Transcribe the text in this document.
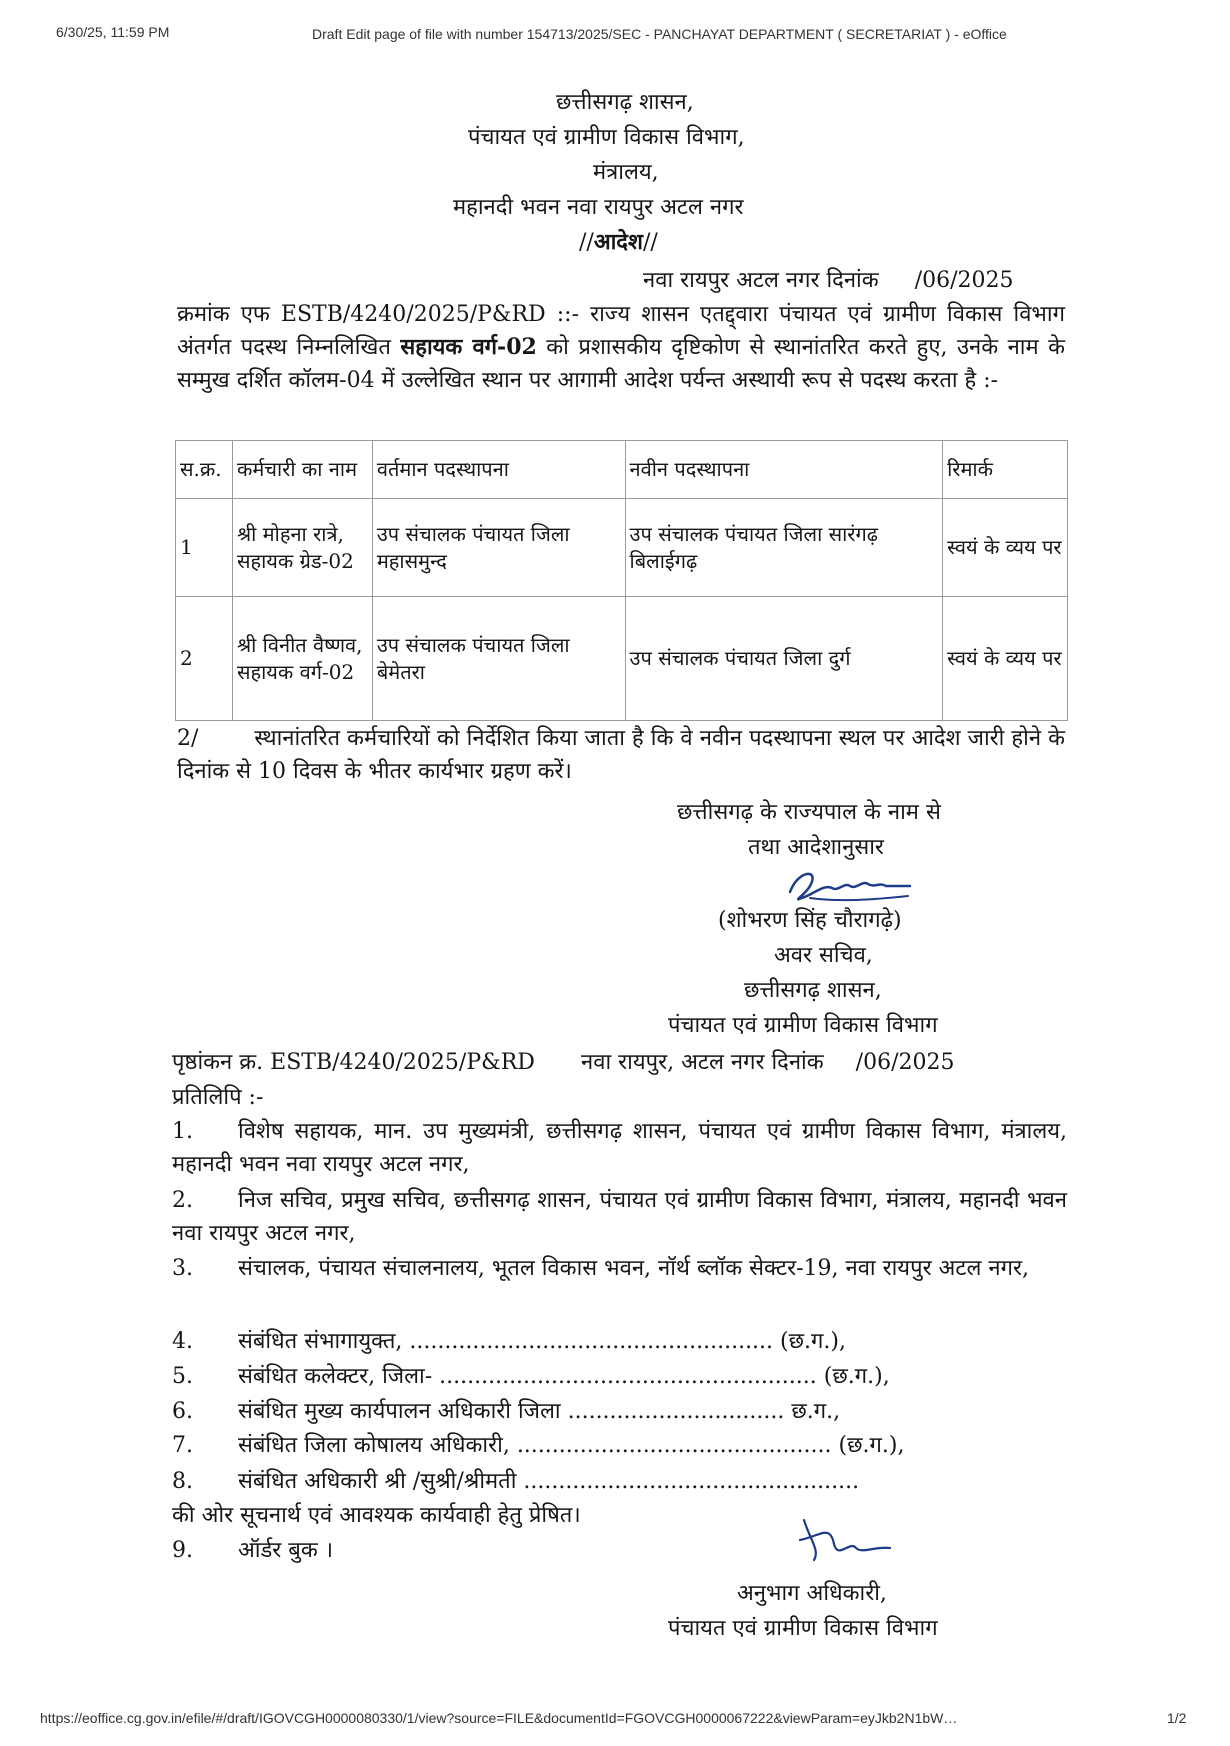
6/30/25, 11:59 PM	Draft Edit page of file with number 154713/2025/SEC - PANCHAYAT DEPARTMENT ( SECRETARIAT ) - eOffice
छत्तीसगढ़ शासन,
पंचायत एवं ग्रामीण विकास विभाग,
मंत्रालय,
महानदी भवन नवा रायपुर अटल नगर
//आदेश//
नवा रायपुर अटल नगर दिनांक /06/2025
क्रमांक एफ ESTB/4240/2025/P&RD ::- राज्य शासन एतद्द्वारा पंचायत एवं ग्रामीण विकास विभाग अंतर्गत पदस्थ निम्नलिखित सहायक वर्ग-02 को प्रशासकीय दृष्टिकोण से स्थानांतरित करते हुए, उनके नाम के सम्मुख दर्शित कॉलम-04 में उल्लेखित स्थान पर आगामी आदेश पर्यन्त अस्थायी रूप से पदस्थ करता है :-
स.क्र.	कर्मचारी का नाम	वर्तमान पदस्थापना	नवीन पदस्थापना	रिमार्क
1	श्री मोहना रात्रे, सहायक ग्रेड-02	उप संचालक पंचायत जिला महासमुन्द	उप संचालक पंचायत जिला सारंगढ़ बिलाईगढ़	स्वयं के व्यय पर
2	श्री विनीत वैष्णव, सहायक वर्ग-02	उप संचालक पंचायत जिला बेमेतरा	उप संचालक पंचायत जिला दुर्ग	स्वयं के व्यय पर
2/	स्थानांतरित कर्मचारियों को निर्देशित किया जाता है कि वे नवीन पदस्थापना स्थल पर आदेश जारी होने के दिनांक से 10 दिवस के भीतर कार्यभार ग्रहण करें।
छत्तीसगढ़ के राज्यपाल के नाम से
तथा आदेशानुसार
(शोभरण सिंह चौरागढ़े)
अवर सचिव,
छत्तीसगढ़ शासन,
पंचायत एवं ग्रामीण विकास विभाग
पृष्ठांकन क्र. ESTB/4240/2025/P&RD नवा रायपुर, अटल नगर दिनांक /06/2025
प्रतिलिपि :-
1. विशेष सहायक, मान. उप मुख्यमंत्री, छत्तीसगढ़ शासन, पंचायत एवं ग्रामीण विकास विभाग, मंत्रालय, महानदी भवन नवा रायपुर अटल नगर,
2. निज सचिव, प्रमुख सचिव, छत्तीसगढ़ शासन, पंचायत एवं ग्रामीण विकास विभाग, मंत्रालय, महानदी भवन नवा रायपुर अटल नगर,
3. संचालक, पंचायत संचालनालय, भूतल विकास भवन, नॉर्थ ब्लॉक सेक्टर-19, नवा रायपुर अटल नगर,
4. संबंधित संभागायुक्त, .................................................... (छ.ग.),
5. संबंधित कलेक्टर, जिला- ...................................................... (छ.ग.),
6. संबंधित मुख्य कार्यपालन अधिकारी जिला ............................... छ.ग.,
7. संबंधित जिला कोषालय अधिकारी, ............................................. (छ.ग.),
8. संबंधित अधिकारी श्री /सुश्री/श्रीमती ................................................
की ओर सूचनार्थ एवं आवश्यक कार्यवाही हेतु प्रेषित।
9. ऑर्डर बुक ।
अनुभाग अधिकारी,
पंचायत एवं ग्रामीण विकास विभाग
https://eoffice.cg.gov.in/efile/#/draft/IGOVCGH0000080330/1/view?source=FILE&documentId=FGOVCGH0000067222&viewParam=eyJkb2N1bW…	1/2
